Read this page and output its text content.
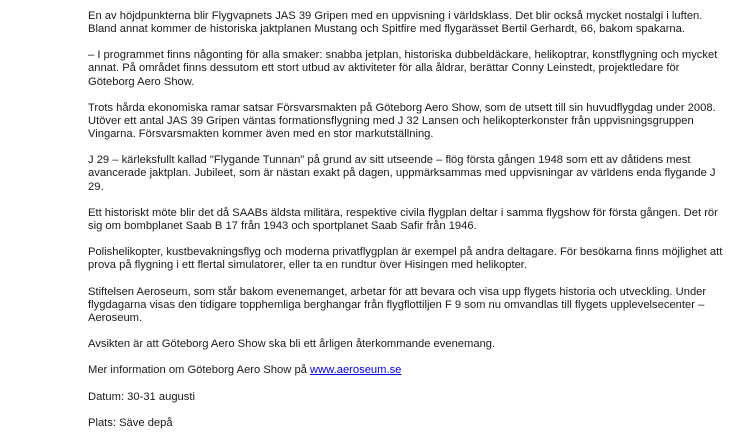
En av höjdpunkterna blir Flygvapnets JAS 39 Gripen med en uppvisning i världsklass. Det blir också mycket nostalgi i luften. Bland annat kommer de historiska jaktplanen Mustang och Spitfire med flygarässet Bertil Gerhardt, 66, bakom spakarna.

– I programmet finns någonting för alla smaker: snabba jetplan, historiska dubbeldäckare, helikoptrar, konstflygning och mycket annat. På området finns dessutom ett stort utbud av aktiviteter för alla åldrar, berättar Conny Leinstedt, projektledare för Göteborg Aero Show.

Trots hårda ekonomiska ramar satsar Försvarsmakten på Göteborg Aero Show, som de utsett till sin huvudflygdag under 2008. Utöver ett antal JAS 39 Gripen väntas formationsflygning med J 32 Lansen och helikopterkonster från uppvisningsgruppen Vingarna. Försvarsmakten kommer även med en stor markutställning.

J 29 – kärleksfullt kallad "Flygande Tunnan" på grund av sitt utseende – flög första gången 1948 som ett av dåtidens mest avancerade jaktplan. Jubileet, som är nästan exakt på dagen, uppmärksammas med uppvisningar av världens enda flygande J 29.

Ett historiskt möte blir det då SAABs äldsta militära, respektive civila flygplan deltar i samma flygshow för första gången. Det rör sig om bombplanet Saab B 17 från 1943 och sportplanet Saab Safir från 1946.

Polishelikopter, kustbevakningsflyg och moderna privatflygplan är exempel på andra deltagare. För besökarna finns möjlighet att prova på flygning i ett flertal simulatorer, eller ta en rundtur över Hisingen med helikopter.

Stiftelsen Aeroseum, som står bakom evenemanget, arbetar för att bevara och visa upp flygets historia och utveckling. Under flygdagarna visas den tidigare topphemliga berghangar från flygflottiljen F 9 som nu omvandlas till flygets upplevelsecenter – Aeroseum.

Avsikten är att Göteborg Aero Show ska bli ett årligen återkommande evenemang.

Mer information om Göteborg Aero Show på www.aeroseum.se

Datum: 30-31 augusti

Plats: Säve depå
